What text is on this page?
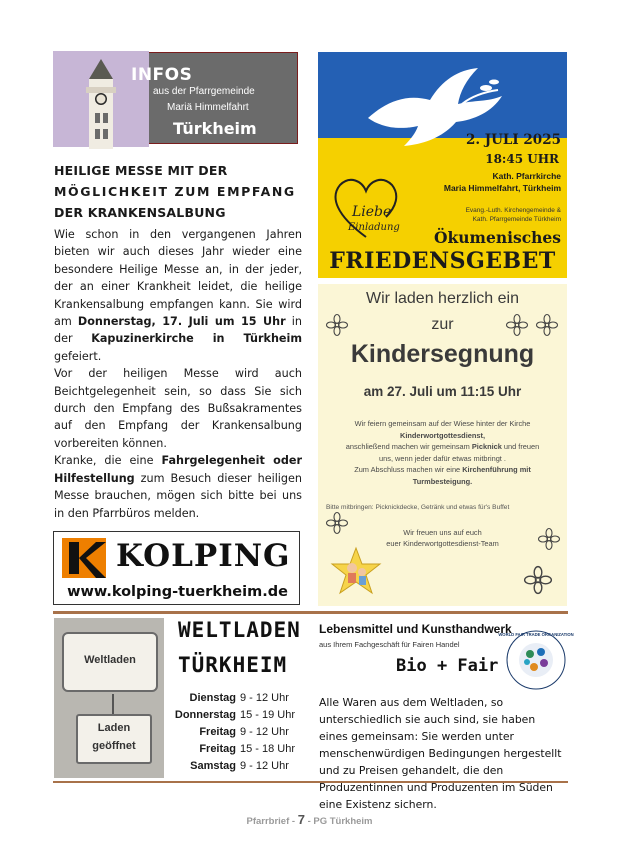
INFOS
aus der Pfarrgemeinde
Mariä Himmelfahrt
Türkheim
HEILIGE MESSE MIT DER
MÖGLICHKEIT ZUM EMPFANG
DER KRANKENSALBUNG

Wie schon in den vergangenen Jahren bieten wir auch dieses Jahr wieder eine besondere Heilige Messe an, in der jeder, der an einer Krankheit leidet, die heilige Krankensalbung empfangen kann. Sie wird am Donnerstag, 17. Juli um 15 Uhr in der Kapuzinerkirche in Türkheim gefeiert.

Vor der heiligen Messe wird auch Beichtgelegenheit sein, so dass Sie sich durch den Empfang des Bußsakramentes auf den Empfang der Krankensalbung vorbereiten können.

Kranke, die eine Fahrgelegenheit oder Hilfestellung zum Besuch dieser heiligen Messe brauchen, mögen sich bitte bei uns in den Pfarrbüros melden.

KOLPING
www.kolping-tuerkheim.de
2. JULI 2025
18:45 UHR
Kath. Pfarrkirche
Maria Himmelfahrt, Türkheim
Evang.-Luth. Kirchengemeinde &
Kath. Pfarrgemeinde Türkheim
Liebe
Einladung
Ökumenisches
FRIEDENSGEBET
Wir laden herzlich ein
zur
Kindersegnung
am 27. Juli um 11:15 Uhr
Wir feiern gemeinsam auf der Wiese hinter der Kirche
Kinderwortgottesdienst,
anschließend machen wir gemeinsam Picknick und freuen
uns, wenn jeder dafür etwas mitbringt .
Zum Abschluss machen wir eine Kirchenführung mit
Turmbesteigung.
Bitte mitbringen: Picknickdecke, Getränk und etwas für's Buffet
Wir freuen uns auf euch
euer Kinderwortgottesdienst-Team
Weltladen
Laden
geöffnet
WELTLADEN
TÜRKHEIM
Dienstag 9 - 12 Uhr
Donnerstag 15 - 19 Uhr
Freitag 9 - 12 Uhr
Freitag 15 - 18 Uhr
Samstag 9 - 12 Uhr
Lebensmittel und Kunsthandwerk
aus Ihrem Fachgeschäft für Fairen Handel
Bio + Fair
WORLD FAIR TRADE ORGANIZATION
Alle Waren aus dem Weltladen, so unterschiedlich sie auch sind, sie haben eines gemeinsam: Sie werden unter menschenwürdigen Bedingungen hergestellt und zu Preisen gehandelt, die den Produzentinnen und Produzenten im Süden eine Existenz sichern.
Pfarrbrief - 7 - PG Türkheim
